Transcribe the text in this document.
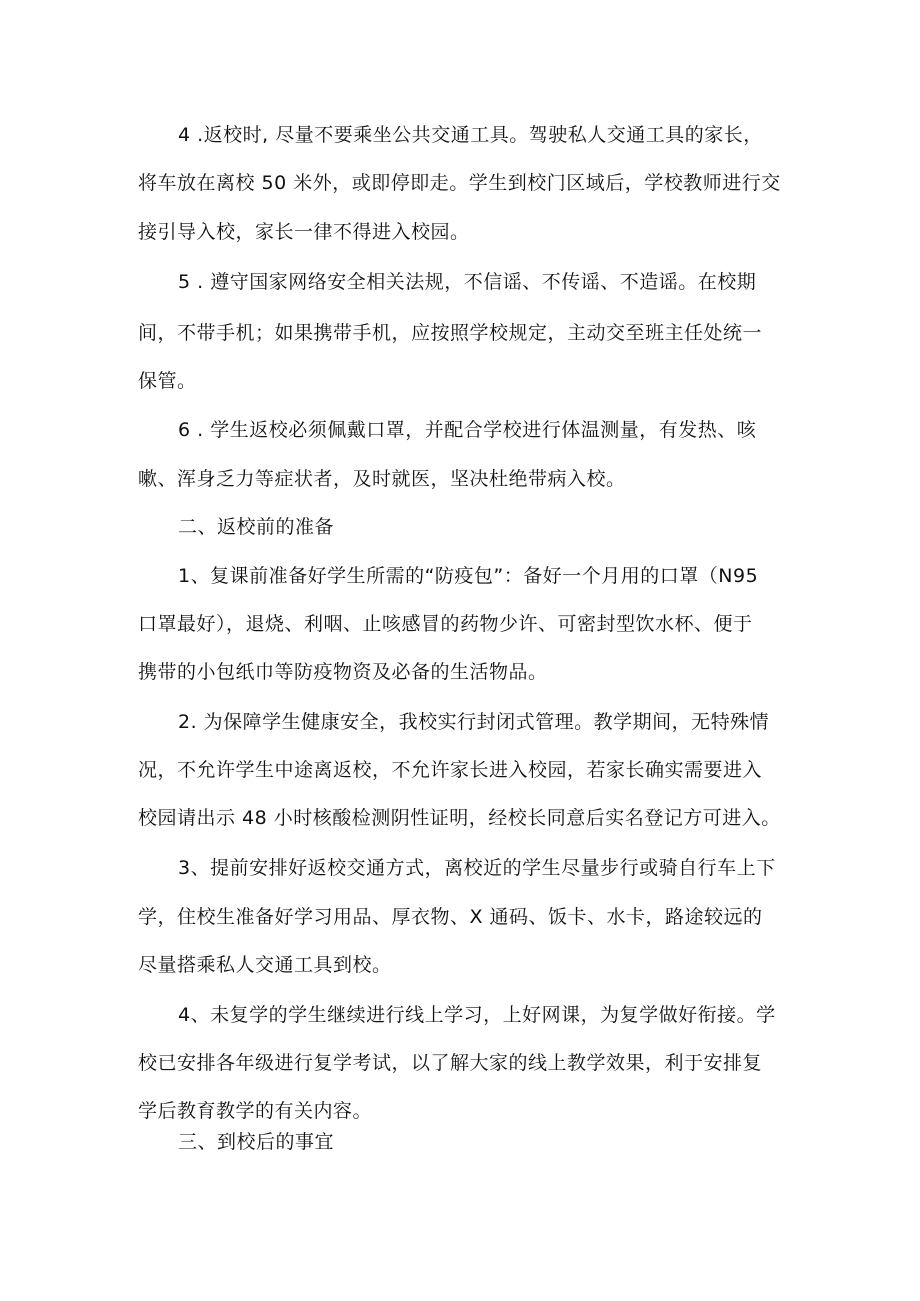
4 .返校时, 尽量不要乘坐公共交通工具。驾驶私人交通工具的家长，
将车放在离校 50 米外，或即停即走。学生到校门区域后，学校教师进行交
接引导入校，家长一律不得进入校园。
5 . 遵守国家网络安全相关法规，不信谣、不传谣、不造谣。在校期
间，不带手机；如果携带手机，应按照学校规定，主动交至班主任处统一
保管。
6 . 学生返校必须佩戴口罩，并配合学校进行体温测量，有发热、咳
嗽、浑身乏力等症状者，及时就医，坚决杜绝带病入校。
二、返校前的准备
1、复课前准备好学生所需的“防疫包”：备好一个月用的口罩（N95
口罩最好），退烧、利咽、止咳感冒的药物少许、可密封型饮水杯、便于
携带的小包纸巾等防疫物资及必备的生活物品。
2. 为保障学生健康安全，我校实行封闭式管理。教学期间，无特殊情
况，不允许学生中途离返校，不允许家长进入校园，若家长确实需要进入
校园请出示 48 小时核酸检测阴性证明，经校长同意后实名登记方可进入。
3、提前安排好返校交通方式，离校近的学生尽量步行或骑自行车上下
学，住校生准备好学习用品、厚衣物、X 通码、饭卡、水卡，路途较远的
尽量搭乘私人交通工具到校。
4、未复学的学生继续进行线上学习，上好网课，为复学做好衔接。学
校已安排各年级进行复学考试，以了解大家的线上教学效果，利于安排复
学后教育教学的有关内容。
三、到校后的事宜
